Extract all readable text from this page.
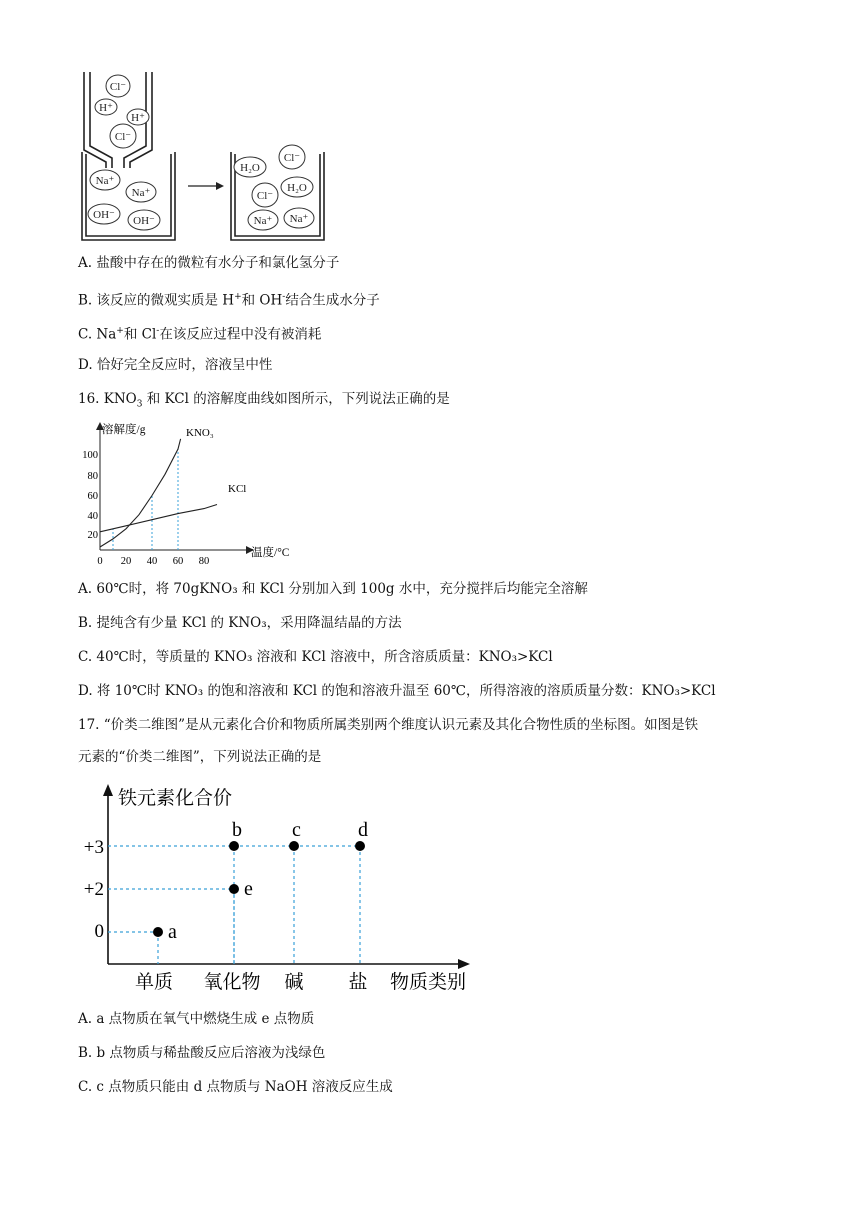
Cl⁻
H⁺
H⁺
Cl⁻
Na⁺
Na⁺
OH⁻ OH⁻
H₂O
Cl⁻
Cl⁻
H₂O
Na⁺ Na⁺
A. 盐酸中存在的微粒有水分子和氯化氢分子
B. 该反应的微观实质是 H+和 OH-结合生成水分子
C. Na+和 Cl-在该反应过程中没有被消耗
D. 恰好完全反应时，溶液呈中性
16. $KNO_3$ 和 KCl 的溶解度曲线如图所示，下列说法正确的是
溶解度/g
温度/°C
100
80
60
40
20
0 20 40 60 80
KNO₃
KCl
A. 60℃时，将 70gKNO₃ 和 KCl 分别加入到 100g 水中，充分搅拌后均能完全溶解
B. 提纯含有少量 KCl 的 KNO₃，采用降温结晶的方法
C. 40℃时，等质量的 KNO₃ 溶液和 KCl 溶液中，所含溶质质量：KNO₃>KCl
D. 将 10℃时 KNO₃ 的饱和溶液和 KCl 的饱和溶液升温至 60℃，所得溶液的溶质质量分数：KNO₃>KCl
17. “价类二维图”是从元素化合价和物质所属类别两个维度认识元素及其化合物性质的坐标图。如图是铁
元素的“价类二维图”，下列说法正确的是
铁元素化合价
物质类别
+3
+2
0
单质 氧化物 碱 盐
a
e
b	c	d
A. a 点物质在氧气中燃烧生成 e 点物质
B. b 点物质与稀盐酸反应后溶液为浅绿色
C. c 点物质只能由 d 点物质与 NaOH 溶液反应生成
